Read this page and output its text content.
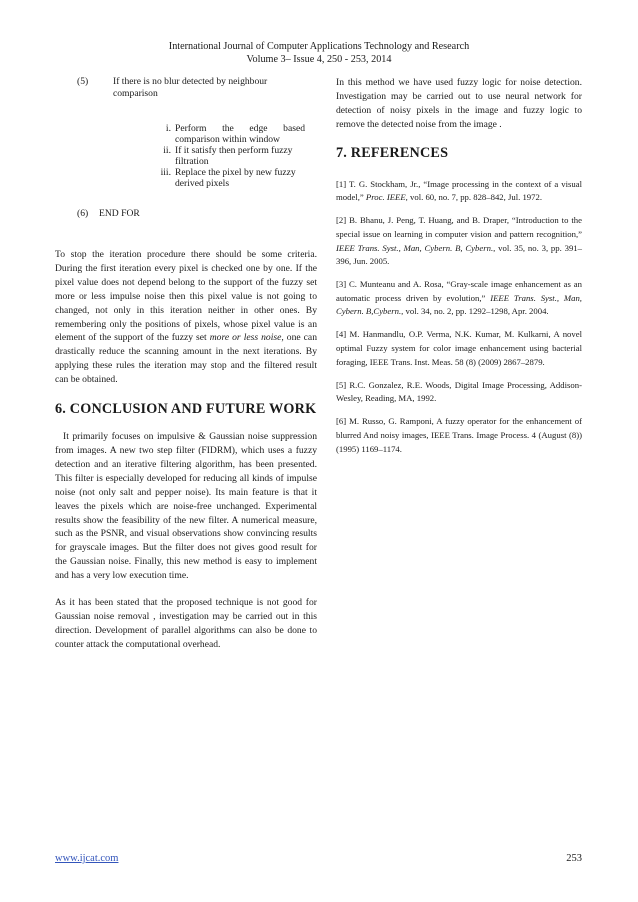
International Journal of Computer Applications Technology and Research
Volume 3– Issue 4, 250 - 253, 2014
(5)	If there is no blur detected by neighbour comparison
i. Perform the edge based comparison within window
ii. If it satisfy then perform fuzzy filtration
iii. Replace the pixel by new fuzzy derived pixels
(6) END FOR

To stop the iteration procedure there should be some criteria. During the first iteration every pixel is checked one by one. If the pixel value does not depend belong to the support of the fuzzy set more or less impulse noise then this pixel value is not going to changed, not only in this iteration neither in other ones. By remembering only the positions of pixels, whose pixel value is an element of the support of the fuzzy set more or less noise, one can drastically reduce the scanning amount in the next iterations. By applying these rules the iteration may stop and the filtered result can be obtained.

6. CONCLUSION AND FUTURE WORK

It primarily focuses on impulsive & Gaussian noise suppression from images. A new two step filter (FIDRM), which uses a fuzzy detection and an iterative filtering algorithm, has been presented. This filter is especially developed for reducing all kinds of impulse noise (not only salt and pepper noise). Its main feature is that it leaves the pixels which are noise-free unchanged. Experimental results show the feasibility of the new filter. A numerical measure, such as the PSNR, and visual observations show convincing results for grayscale images. But the filter does not gives good result for the Gaussian noise. Finally, this new method is easy to implement and has a very low execution time.

As it has been stated that the proposed technique is not good for Gaussian noise removal , investigation may be carried out in this direction. Development of parallel algorithms can also be done to counter attack the computational overhead.

In this method we have used fuzzy logic for noise detection. Investigation may be carried out to use neural network for detection of noisy pixels in the image and fuzzy logic to remove the detected noise from the image .

7. REFERENCES

[1] T. G. Stockham, Jr., “Image processing in the context of a visual model,” Proc. IEEE, vol. 60, no. 7, pp. 828–842, Jul. 1972.

[2] B. Bhanu, J. Peng, T. Huang, and B. Draper, “Introduction to the special issue on learning in computer vision and pattern recognition,” IEEE Trans. Syst., Man, Cybern. B, Cybern., vol. 35, no. 3, pp. 391–396, Jun. 2005.

[3] C. Munteanu and A. Rosa, “Gray-scale image enhancement as an automatic process driven by evolution,” IEEE Trans. Syst., Man, Cybern. B,Cybern., vol. 34, no. 2, pp. 1292–1298, Apr. 2004.

[4] M. Hanmandlu, O.P. Verma, N.K. Kumar, M. Kulkarni, A novel optimal Fuzzy system for color image enhancement using bacterial foraging, IEEE Trans. Inst. Meas. 58 (8) (2009) 2867–2879.

[5] R.C. Gonzalez, R.E. Woods, Digital Image Processing, Addison-Wesley, Reading, MA, 1992.

[6] M. Russo, G. Ramponi, A fuzzy operator for the enhancement of blurred And noisy images, IEEE Trans. Image Process. 4 (August (8)) (1995) 1169–1174.

www.ijcat.com	253
